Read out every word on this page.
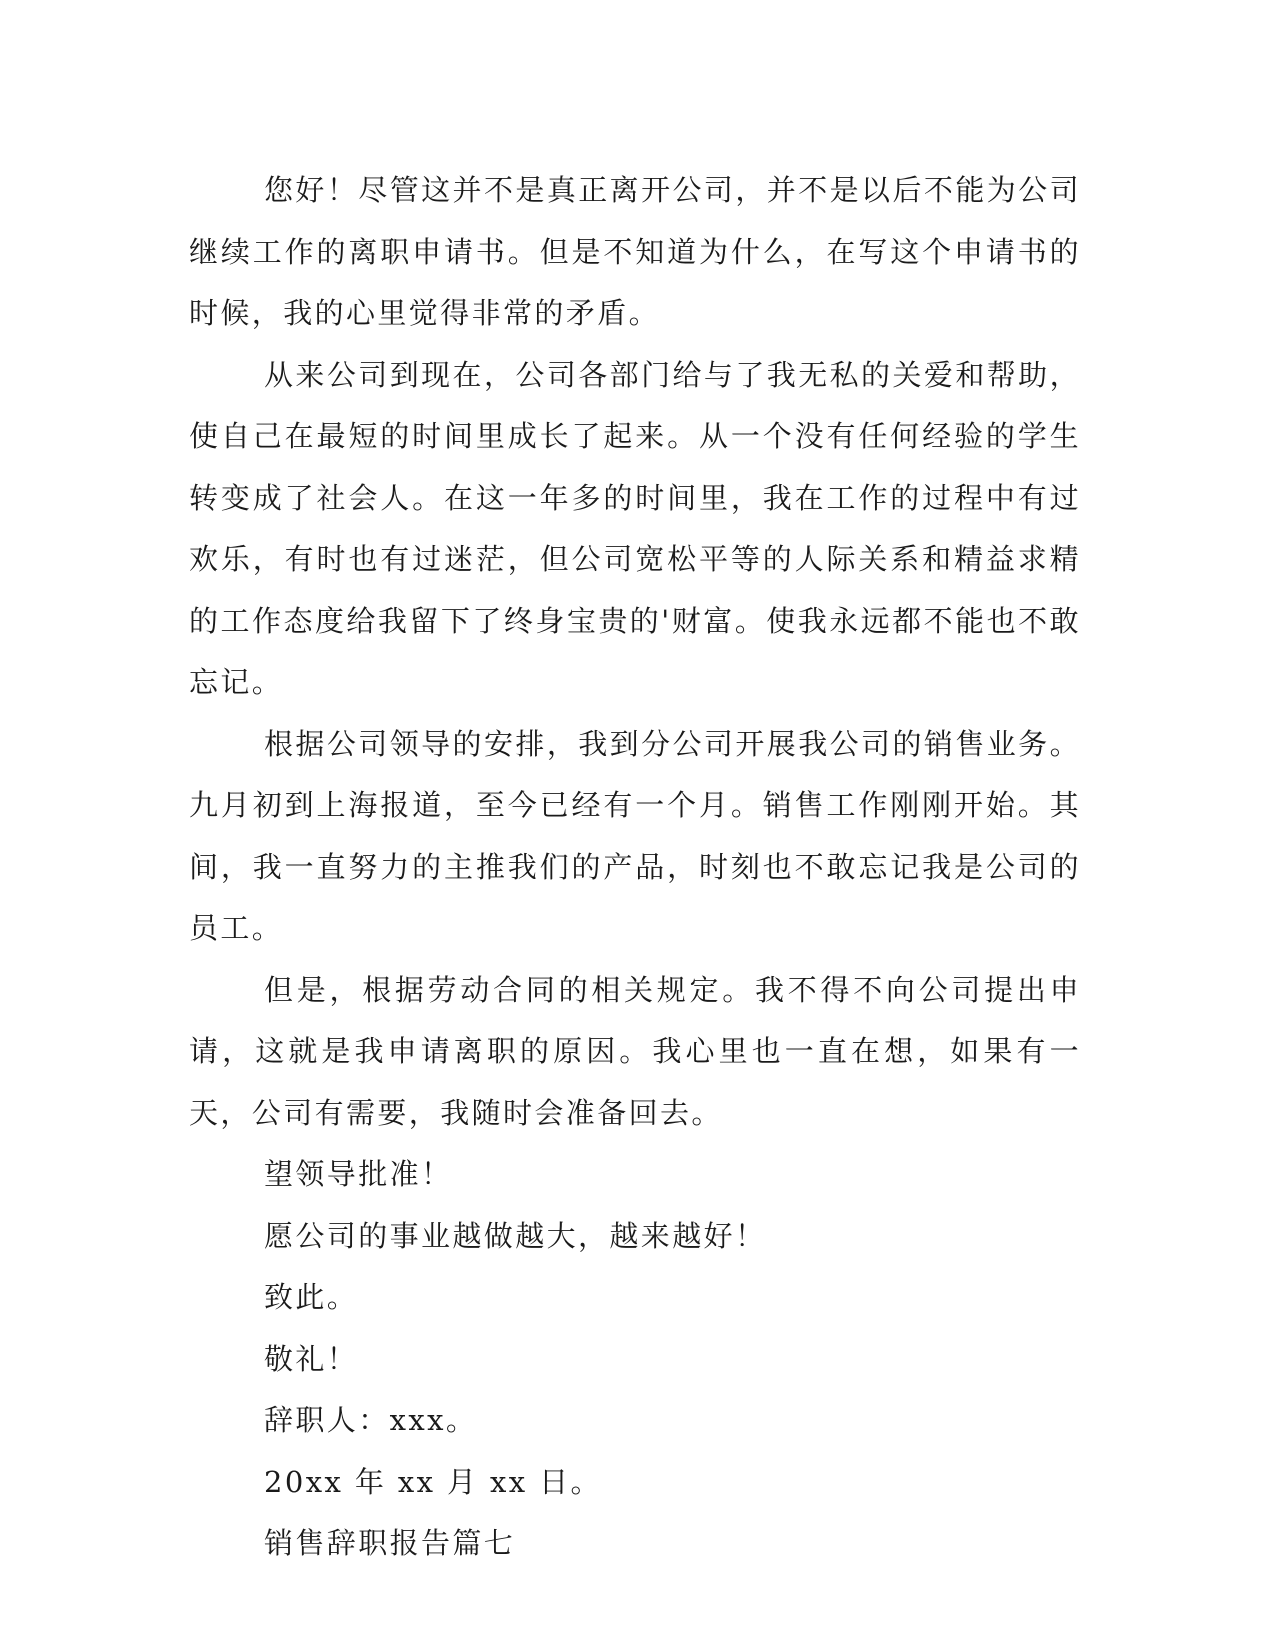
您好！尽管这并不是真正离开公司，并不是以后不能为公司继续工作的离职申请书。但是不知道为什么，在写这个申请书的时候，我的心里觉得非常的矛盾。

从来公司到现在，公司各部门给与了我无私的关爱和帮助，使自己在最短的时间里成长了起来。从一个没有任何经验的学生转变成了社会人。在这一年多的时间里，我在工作的过程中有过欢乐，有时也有过迷茫，但公司宽松平等的人际关系和精益求精的工作态度给我留下了终身宝贵的'财富。使我永远都不能也不敢忘记。

根据公司领导的安排，我到分公司开展我公司的销售业务。九月初到上海报道，至今已经有一个月。销售工作刚刚开始。其间，我一直努力的主推我们的产品，时刻也不敢忘记我是公司的员工。

但是，根据劳动合同的相关规定。我不得不向公司提出申请，这就是我申请离职的原因。我心里也一直在想，如果有一天，公司有需要，我随时会准备回去。

望领导批准！

愿公司的事业越做越大，越来越好！

致此。

敬礼！

辞职人：xxx。

20xx 年 xx 月 xx 日。

销售辞职报告篇七
